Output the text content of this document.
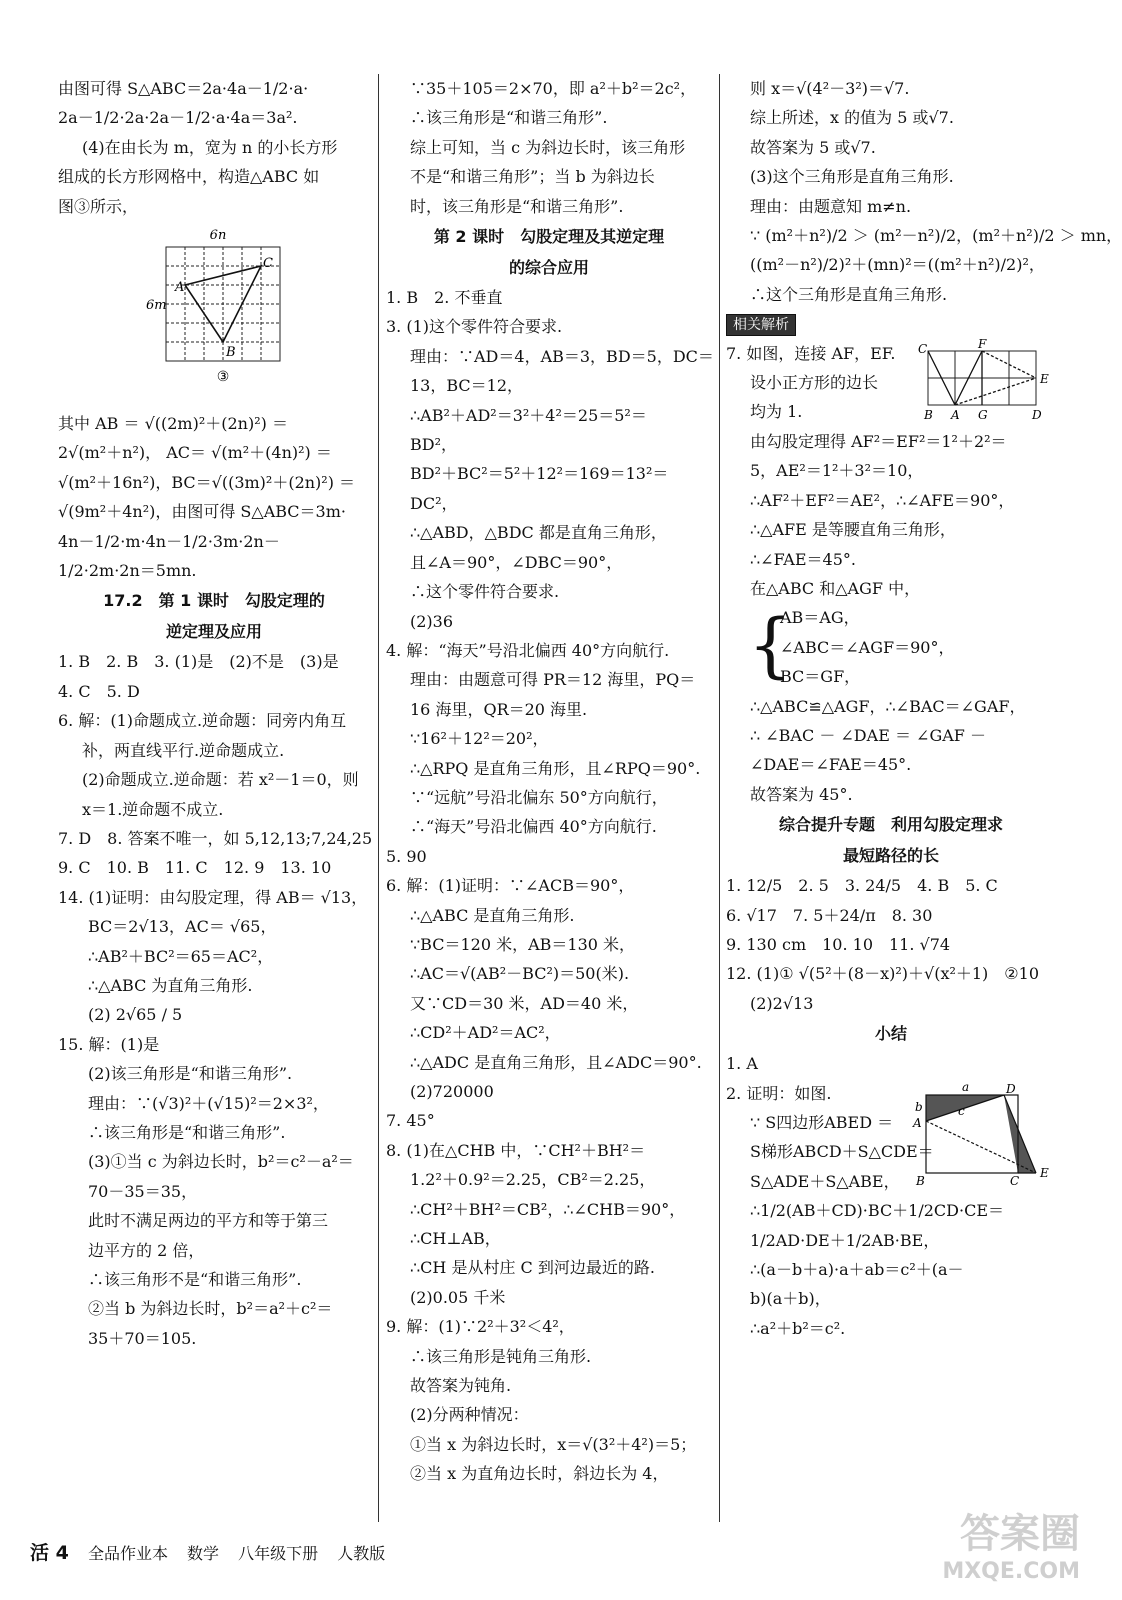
由图可得 S△ABC＝2a·4a－1/2·a·
2a－1/2·2a·2a－1/2·a·4a＝3a².
(4)在由长为 m，宽为 n 的小长方形
组成的长方形网格中，构造△ABC 如
图③所示，
6n
6m
A
C
B
③
其中 AB ＝ √((2m)²＋(2n)²) ＝
2√(m²＋n²)， AC＝ √(m²＋(4n)²) ＝
√(m²＋16n²)，BC＝√((3m)²＋(2n)²) ＝
√(9m²＋4n²)，由图可得 S△ABC＝3m·
4n－1/2·m·4n－1/2·3m·2n－
1/2·2m·2n＝5mn.
17.2　第 1 课时　勾股定理的
逆定理及应用
1. B　2. B　3. (1)是　(2)不是　(3)是
4. C　5. D
6. 解：(1)命题成立.逆命题：同旁内角互
补，两直线平行.逆命题成立.
(2)命题成立.逆命题：若 x²－1＝0，则
x＝1.逆命题不成立.
7. D　8. 答案不唯一，如 5,12,13;7,24,25
9. C　10. B　11. C　12. 9　13. 10
14. (1)证明：由勾股定理，得 AB＝ √13，
BC＝2√13，AC＝ √65，
∴AB²＋BC²＝65＝AC²，
∴△ABC 为直角三角形.
(2) 2√65 / 5
15. 解：(1)是
(2)该三角形是“和谐三角形”.
理由：∵(√3)²＋(√15)²＝2×3²，
∴该三角形是“和谐三角形”.
(3)①当 c 为斜边长时，b²＝c²－a²＝
70－35＝35，
此时不满足两边的平方和等于第三
边平方的 2 倍，
∴该三角形不是“和谐三角形”.
②当 b 为斜边长时，b²＝a²＋c²＝
35＋70＝105.
∵35＋105＝2×70，即 a²＋b²＝2c²，
∴该三角形是“和谐三角形”.
综上可知，当 c 为斜边长时，该三角形
不是“和谐三角形”；当 b 为斜边长
时，该三角形是“和谐三角形”.
第 2 课时　勾股定理及其逆定理
的综合应用
1. B　2. 不垂直
3. (1)这个零件符合要求.
理由：∵AD＝4，AB＝3，BD＝5，DC＝
13，BC＝12，
∴AB²＋AD²＝3²＋4²＝25＝5²＝
BD²，
BD²＋BC²＝5²＋12²＝169＝13²＝
DC²，
∴△ABD，△BDC 都是直角三角形，
且∠A＝90°，∠DBC＝90°，
∴这个零件符合要求.
(2)36
4. 解：“海天”号沿北偏西 40°方向航行.
理由：由题意可得 PR＝12 海里，PQ＝
16 海里，QR＝20 海里.
∵16²＋12²＝20²，
∴△RPQ 是直角三角形，且∠RPQ＝90°.
∵“远航”号沿北偏东 50°方向航行，
∴“海天”号沿北偏西 40°方向航行.
5. 90
6. 解：(1)证明：∵∠ACB＝90°，
∴△ABC 是直角三角形.
∵BC＝120 米，AB＝130 米，
∴AC＝√(AB²－BC²)＝50(米).
又∵CD＝30 米，AD＝40 米，
∴CD²＋AD²＝AC²，
∴△ADC 是直角三角形，且∠ADC＝90°.
(2)720000
7. 45°
8. (1)在△CHB 中，∵CH²＋BH²＝
1.2²＋0.9²＝2.25，CB²＝2.25，
∴CH²＋BH²＝CB²，∴∠CHB＝90°，
∴CH⊥AB，
∴CH 是从村庄 C 到河边最近的路.
(2)0.05 千米
9. 解：(1)∵2²＋3²＜4²，
∴该三角形是钝角三角形.
故答案为钝角.
(2)分两种情况：
①当 x 为斜边长时，x＝√(3²＋4²)＝5；
②当 x 为直角边长时，斜边长为 4，
则 x＝√(4²－3²)＝√7.
综上所述，x 的值为 5 或√7.
故答案为 5 或√7.
(3)这个三角形是直角三角形.
理由：由题意知 m≠n.
∵ (m²＋n²)/2 ＞ (m²－n²)/2，(m²＋n²)/2 ＞ mn，
((m²－n²)/2)²＋(mn)²＝((m²＋n²)/2)²，
∴这个三角形是直角三角形.
相关解析
7. 如图，连接 AF，EF.
设小正方形的边长
均为 1.
C	F
E
B A G	D
由勾股定理得 AF²＝EF²＝1²＋2²＝
5，AE²＝1²＋3²＝10，
∴AF²＋EF²＝AE²，∴∠AFE＝90°，
∴△AFE 是等腰直角三角形，
∴∠FAE＝45°.
在△ABC 和△AGF 中，
{
AB＝AG，
∠ABC＝∠AGF＝90°，
BC＝GF，
∴△ABC≌△AGF，∴∠BAC＝∠GAF，
∴ ∠BAC － ∠DAE ＝ ∠GAF －
∠DAE＝∠FAE＝45°.
故答案为 45°.
综合提升专题　利用勾股定理求
最短路径的长
1. 12/5　2. 5　3. 24/5　4. B　5. C
6. √17　7. 5＋24/π　8. 30
9. 130 cm　10. 10　11. √74
12. (1)① √(5²＋(8－x)²)＋√(x²＋1)　②10
(2)2√13
小结
1. A
2. 证明：如图.
∵ S四边形ABED ＝
S梯形ABCD＋S△CDE＝
S△ADE＋S△ABE，
a
b	c
A
B	C
D
E
∴1/2(AB＋CD)·BC＋1/2CD·CE＝
1/2AD·DE＋1/2AB·BE，
∴(a－b＋a)·a＋ab＝c²＋(a－
b)(a＋b)，
∴a²＋b²＝c².
活 4 全品作业本 数学 八年级下册 人教版	答案圈
MXQE.COM
